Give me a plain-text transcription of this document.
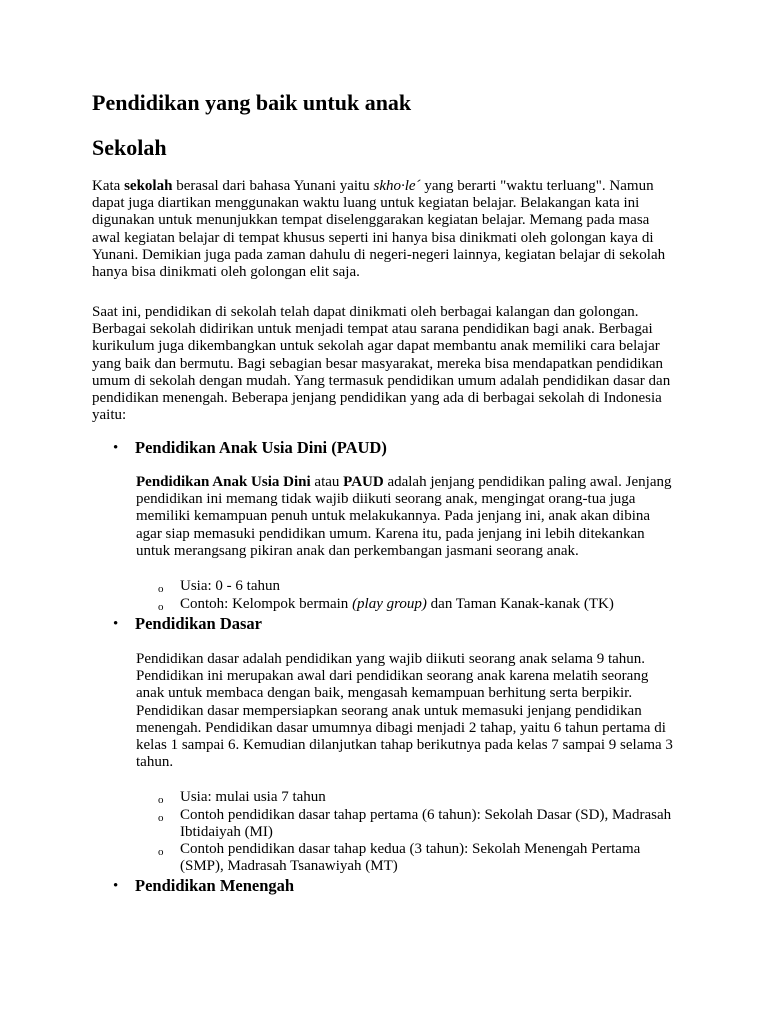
Pendidikan yang baik untuk anak
Sekolah

Kata sekolah berasal dari bahasa Yunani yaitu skho·le´ yang berarti "waktu terluang". Namun
dapat juga diartikan menggunakan waktu luang untuk kegiatan belajar. Belakangan kata ini
digunakan untuk menunjukkan tempat diselenggarakan kegiatan belajar. Memang pada masa
awal kegiatan belajar di tempat khusus seperti ini hanya bisa dinikmati oleh golongan kaya di
Yunani. Demikian juga pada zaman dahulu di negeri-negeri lainnya, kegiatan belajar di sekolah
hanya bisa dinikmati oleh golongan elit saja.

Saat ini, pendidikan di sekolah telah dapat dinikmati oleh berbagai kalangan dan golongan.
Berbagai sekolah didirikan untuk menjadi tempat atau sarana pendidikan bagi anak. Berbagai
kurikulum juga dikembangkan untuk sekolah agar dapat membantu anak memiliki cara belajar
yang baik dan bermutu. Bagi sebagian besar masyarakat, mereka bisa mendapatkan pendidikan
umum di sekolah dengan mudah. Yang termasuk pendidikan umum adalah pendidikan dasar dan
pendidikan menengah. Beberapa jenjang pendidikan yang ada di berbagai sekolah di Indonesia
yaitu:

• Pendidikan Anak Usia Dini (PAUD)

Pendidikan Anak Usia Dini atau PAUD adalah jenjang pendidikan paling awal. Jenjang
pendidikan ini memang tidak wajib diikuti seorang anak, mengingat orang-tua juga
memiliki kemampuan penuh untuk melakukannya. Pada jenjang ini, anak akan dibina
agar siap memasuki pendidikan umum. Karena itu, pada jenjang ini lebih ditekankan
untuk merangsang pikiran anak dan perkembangan jasmani seorang anak.

o Usia: 0 - 6 tahun
o Contoh: Kelompok bermain (play group) dan Taman Kanak-kanak (TK)
• Pendidikan Dasar

Pendidikan dasar adalah pendidikan yang wajib diikuti seorang anak selama 9 tahun.
Pendidikan ini merupakan awal dari pendidikan seorang anak karena melatih seorang
anak untuk membaca dengan baik, mengasah kemampuan berhitung serta berpikir.
Pendidikan dasar mempersiapkan seorang anak untuk memasuki jenjang pendidikan
menengah. Pendidikan dasar umumnya dibagi menjadi 2 tahap, yaitu 6 tahun pertama di
kelas 1 sampai 6. Kemudian dilanjutkan tahap berikutnya pada kelas 7 sampai 9 selama 3
tahun.

o Usia: mulai usia 7 tahun
o Contoh pendidikan dasar tahap pertama (6 tahun): Sekolah Dasar (SD), Madrasah
Ibtidaiyah (MI)
o Contoh pendidikan dasar tahap kedua (3 tahun): Sekolah Menengah Pertama
(SMP), Madrasah Tsanawiyah (MT)
• Pendidikan Menengah
